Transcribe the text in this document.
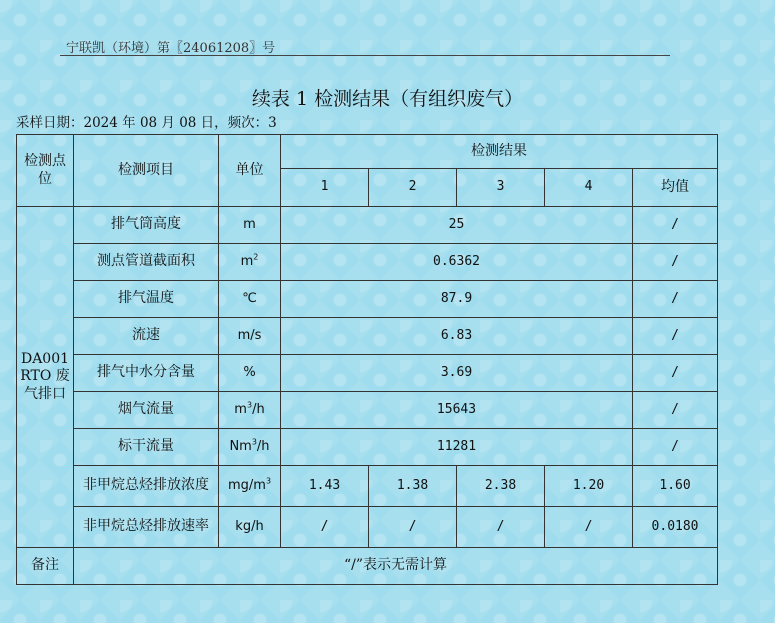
宁联凯（环境）第〖24061208〗号
续表 1 检测结果（有组织废气）
采样日期：2024 年 08 月 08 日，频次：3
检测点位	检测项目	单位	检测结果				
			1	2	3	4	均值
DA001 RTO 废气排口	排气筒高度	m	25				/
	测点管道截面积	$m^2$	0.6362				/
	排气温度	℃	87.9				/
	流速	m/s	6.83				/
	排气中水分含量	%	3.69				/
	烟气流量	$m^3/h$	15643				/
	标干流量	Nm$^3$/h	11281				/
	非甲烷总烃排放浓度	$mg/m^3$	1.43	1.38	2.38	1.20	1.60
	非甲烷总烃排放速率	kg/h	/	/	/	/	0.0180
备注	“/”表示无需计算						
